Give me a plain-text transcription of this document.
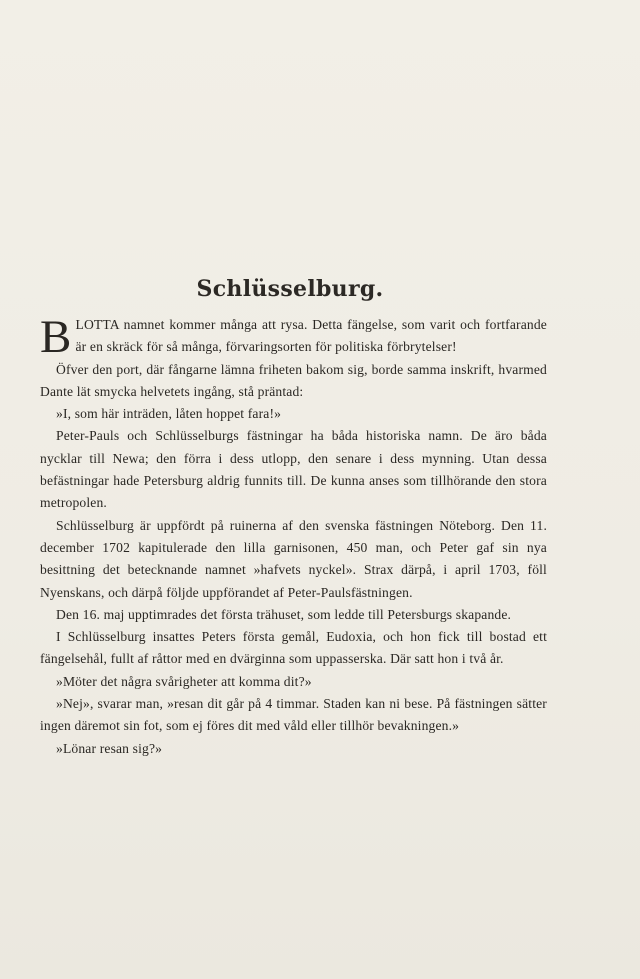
Schlüsselburg.

BLOTTA namnet kommer många att rysa. Detta fängelse, som varit och fortfarande är en skräck för så många, förvaringsorten för politiska förbrytelser!

Öfver den port, där fångarne lämna friheten bakom sig, borde samma inskrift, hvarmed Dante lät smycka helvetets ingång, stå präntad:

»I, som här inträden, låten hoppet fara!»

Peter-Pauls och Schlüsselburgs fästningar ha båda historiska namn. De äro båda nycklar till Newa; den förra i dess utlopp, den senare i dess mynning. Utan dessa befästningar hade Petersburg aldrig funnits till. De kunna anses som tillhörande den stora metropolen.

Schlüsselburg är uppfördt på ruinerna af den svenska fästningen Nöteborg. Den 11. december 1702 kapitulerade den lilla garnisonen, 450 man, och Peter gaf sin nya besittning det betecknande namnet »hafvets nyckel». Strax därpå, i april 1703, föll Nyenskans, och därpå följde uppförandet af Peter-Paulsfästningen.

Den 16. maj upptimrades det första trähuset, som ledde till Petersburgs skapande.

I Schlüsselburg insattes Peters första gemål, Eudoxia, och hon fick till bostad ett fängelsehål, fullt af råttor med en dvärginna som uppasserska. Där satt hon i två år.

»Möter det några svårigheter att komma dit?»

»Nej», svarar man, »resan dit går på 4 timmar. Staden kan ni bese. På fästningen sätter ingen däremot sin fot, som ej föres dit med våld eller tillhör bevakningen.»

»Lönar resan sig?»
